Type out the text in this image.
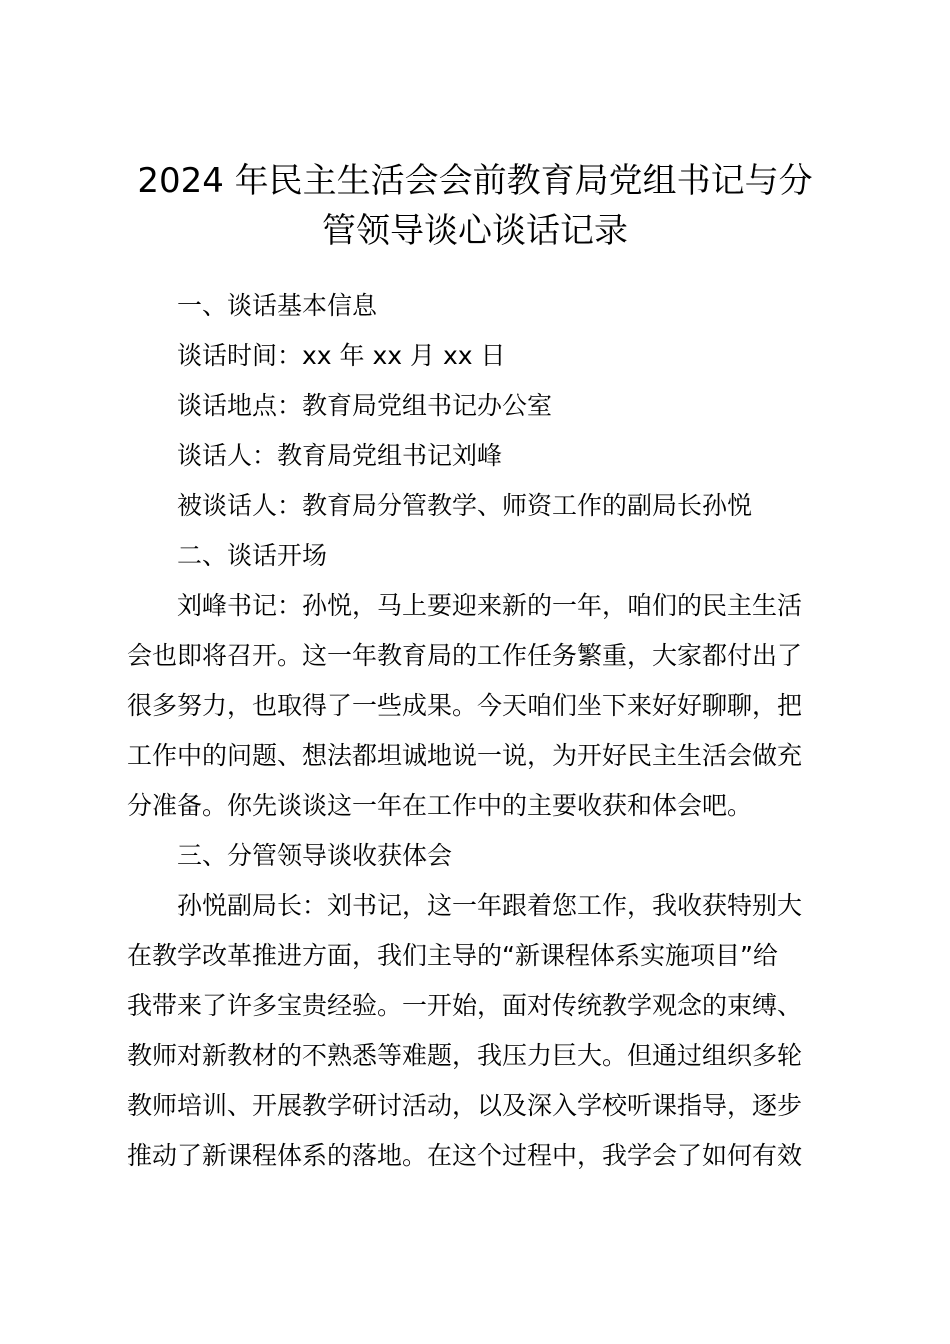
2024 年民主生活会会前教育局党组书记与分
管领导谈心谈话记录
一、谈话基本信息
谈话时间：xx 年 xx 月 xx 日
谈话地点：教育局党组书记办公室
谈话人：教育局党组书记刘峰
被谈话人：教育局分管教学、师资工作的副局长孙悦
二、谈话开场
刘峰书记：孙悦，马上要迎来新的一年，咱们的民主生活
会也即将召开。这一年教育局的工作任务繁重，大家都付出了
很多努力，也取得了一些成果。今天咱们坐下来好好聊聊，把
工作中的问题、想法都坦诚地说一说，为开好民主生活会做充
分准备。你先谈谈这一年在工作中的主要收获和体会吧。
三、分管领导谈收获体会
孙悦副局长：刘书记，这一年跟着您工作，我收获特别大
在教学改革推进方面，我们主导的“新课程体系实施项目”给
我带来了许多宝贵经验。一开始，面对传统教学观念的束缚、
教师对新教材的不熟悉等难题，我压力巨大。但通过组织多轮
教师培训、开展教学研讨活动，以及深入学校听课指导，逐步
推动了新课程体系的落地。在这个过程中，我学会了如何有效
